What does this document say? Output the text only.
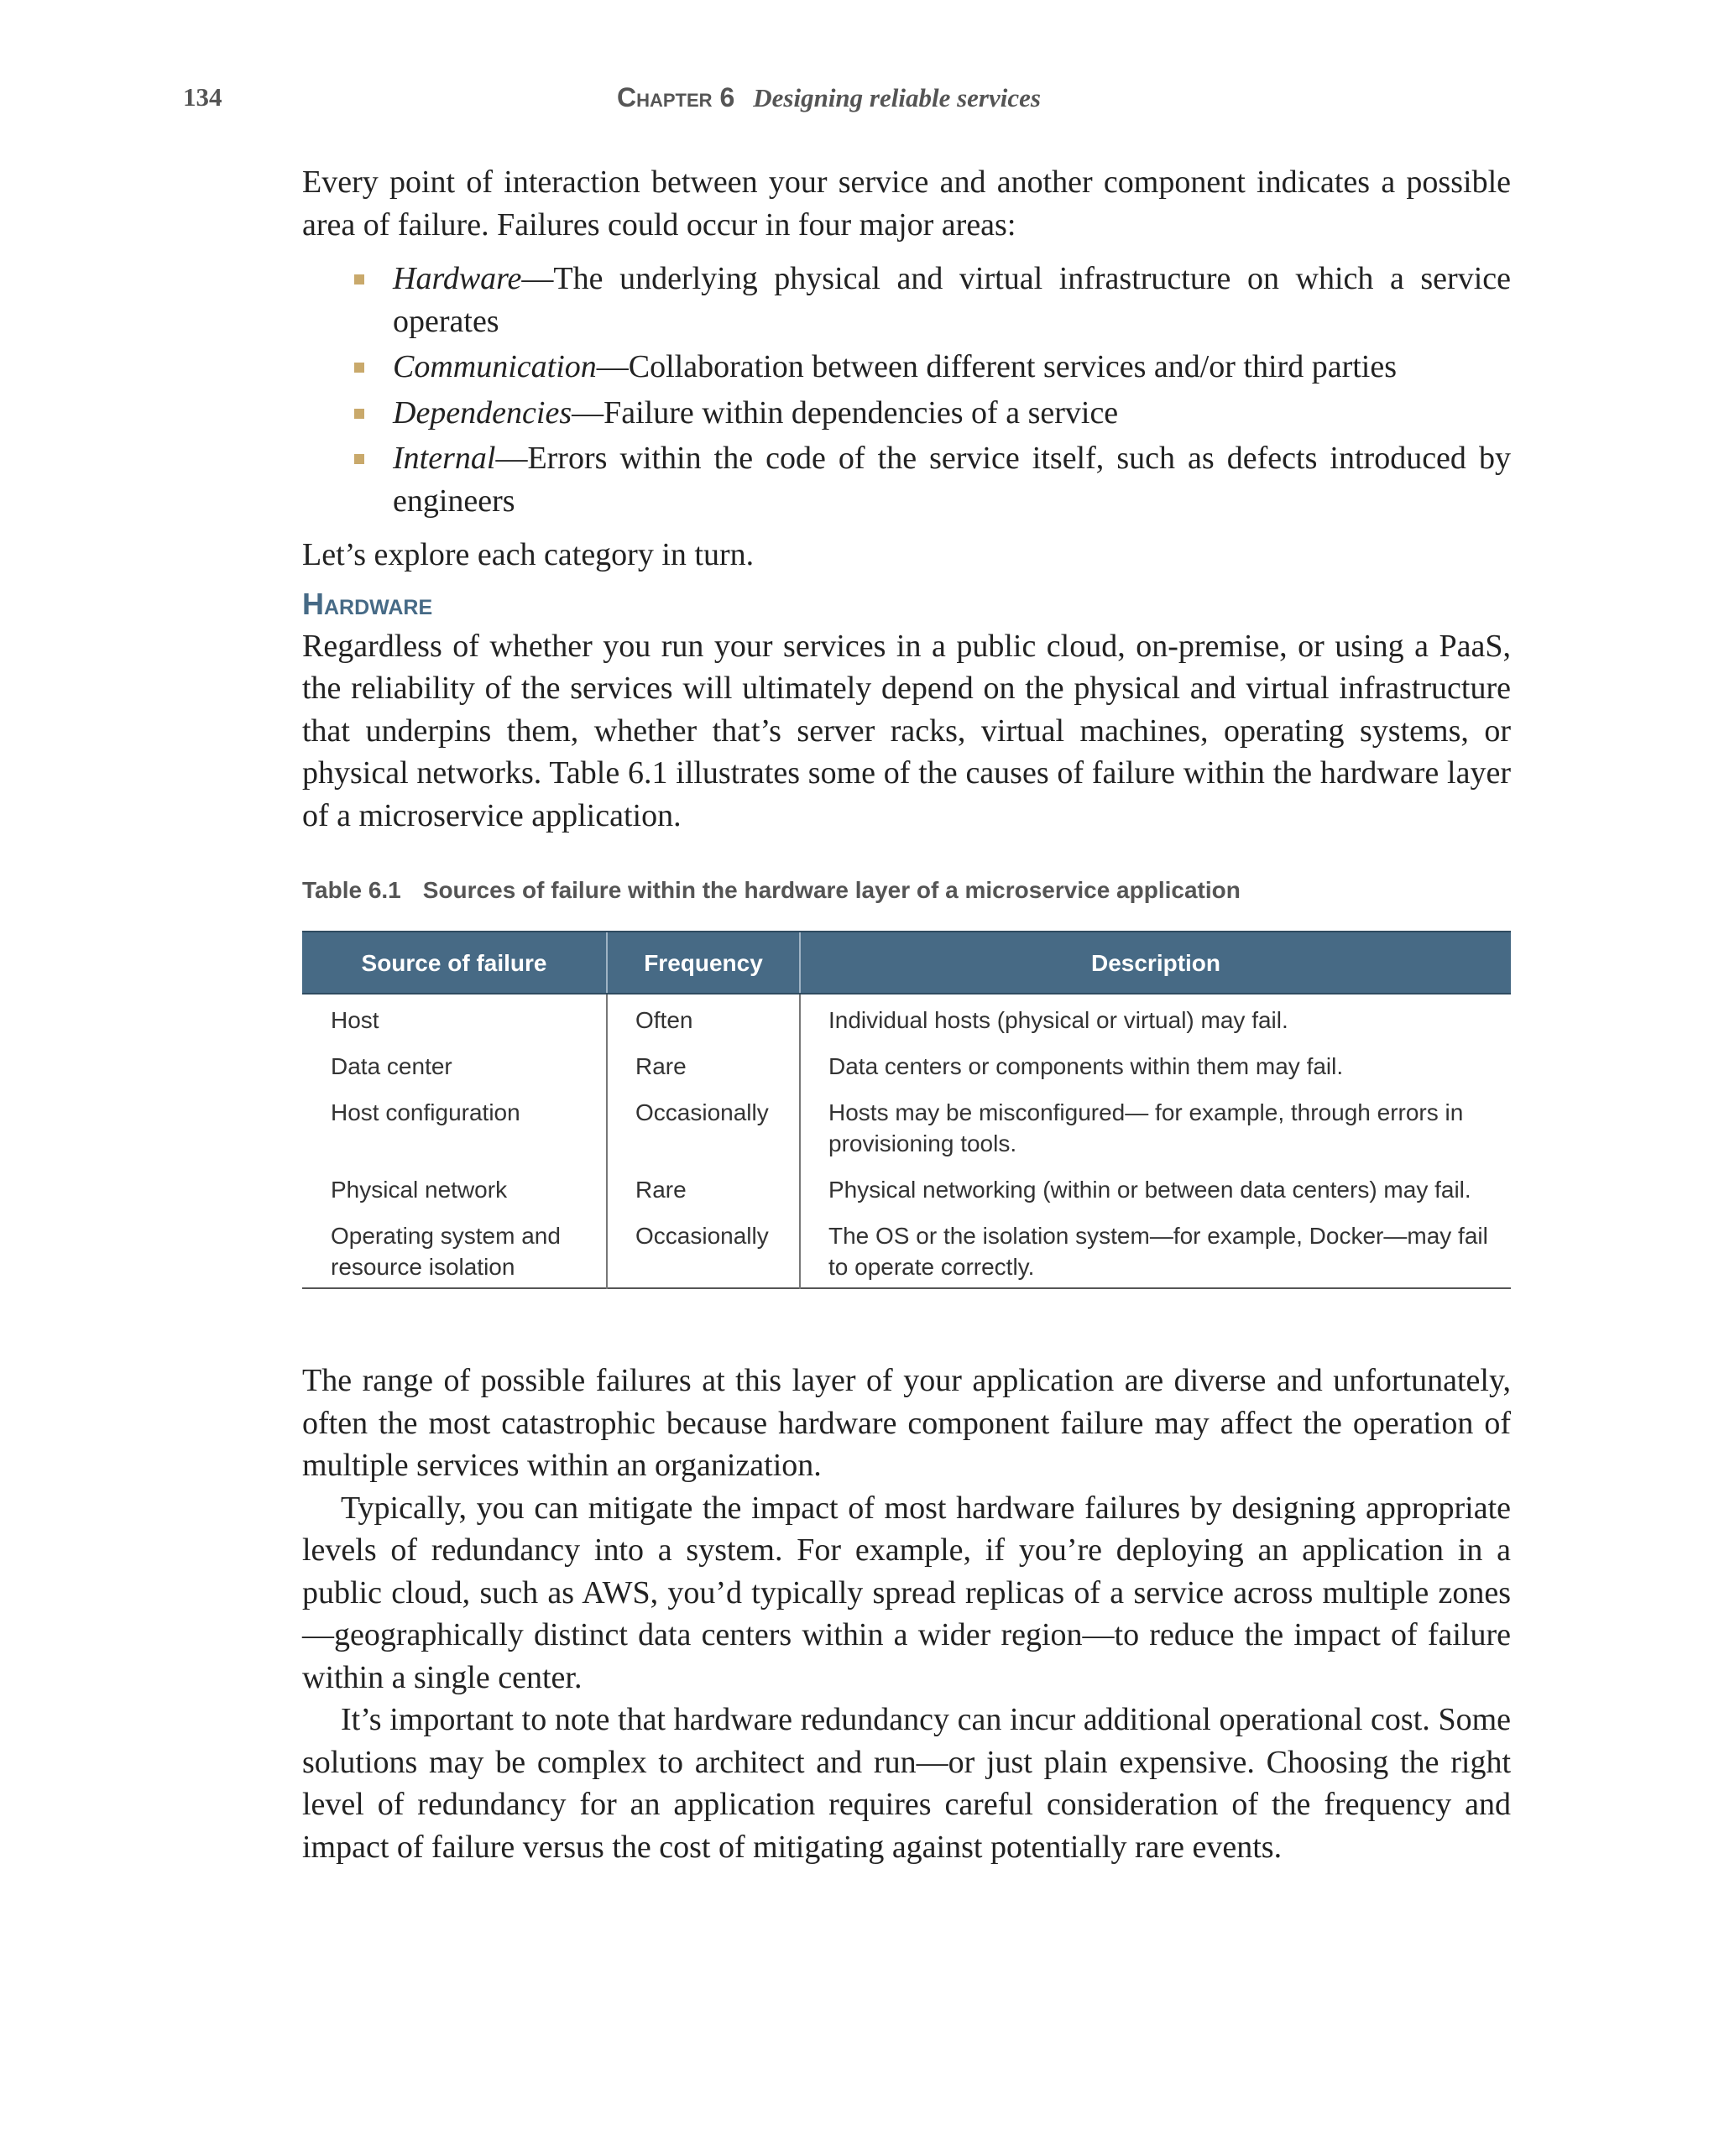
134	Chapter 6 Designing reliable services

Every point of interaction between your service and another component indicates a possible area of failure. Failures could occur in four major areas:

Hardware—The underlying physical and virtual infrastructure on which a service operates
Communication—Collaboration between different services and/or third parties
Dependencies—Failure within dependencies of a service
Internal—Errors within the code of the service itself, such as defects introduced by engineers

Let’s explore each category in turn.

Hardware

Regardless of whether you run your services in a public cloud, on-premise, or using a PaaS, the reliability of the services will ultimately depend on the physical and virtual infrastructure that underpins them, whether that’s server racks, virtual machines, operating systems, or physical networks. Table 6.1 illustrates some of the causes of failure within the hardware layer of a microservice application.

Table 6.1 Sources of failure within the hardware layer of a microservice application
Source of failure	Frequency	Description
Host	Often	Individual hosts (physical or virtual) may fail.
Data center	Rare	Data centers or components within them may fail.
Host configuration	Occasionally	Hosts may be misconfigured— for example, through errors in provisioning tools.
Physical network	Rare	Physical networking (within or between data centers) may fail.
Operating system and resource isolation	Occasionally	The OS or the isolation system—for example, Docker—may fail to operate correctly.

The range of possible failures at this layer of your application are diverse and unfortunately, often the most catastrophic because hardware component failure may affect the operation of multiple services within an organization.

Typically, you can mitigate the impact of most hardware failures by designing appropriate levels of redundancy into a system. For example, if you’re deploying an application in a public cloud, such as AWS, you’d typically spread replicas of a service across multiple zones—geographically distinct data centers within a wider region—to reduce the impact of failure within a single center.

It’s important to note that hardware redundancy can incur additional operational cost. Some solutions may be complex to architect and run—or just plain expensive. Choosing the right level of redundancy for an application requires careful consideration of the frequency and impact of failure versus the cost of mitigating against potentially rare events.
